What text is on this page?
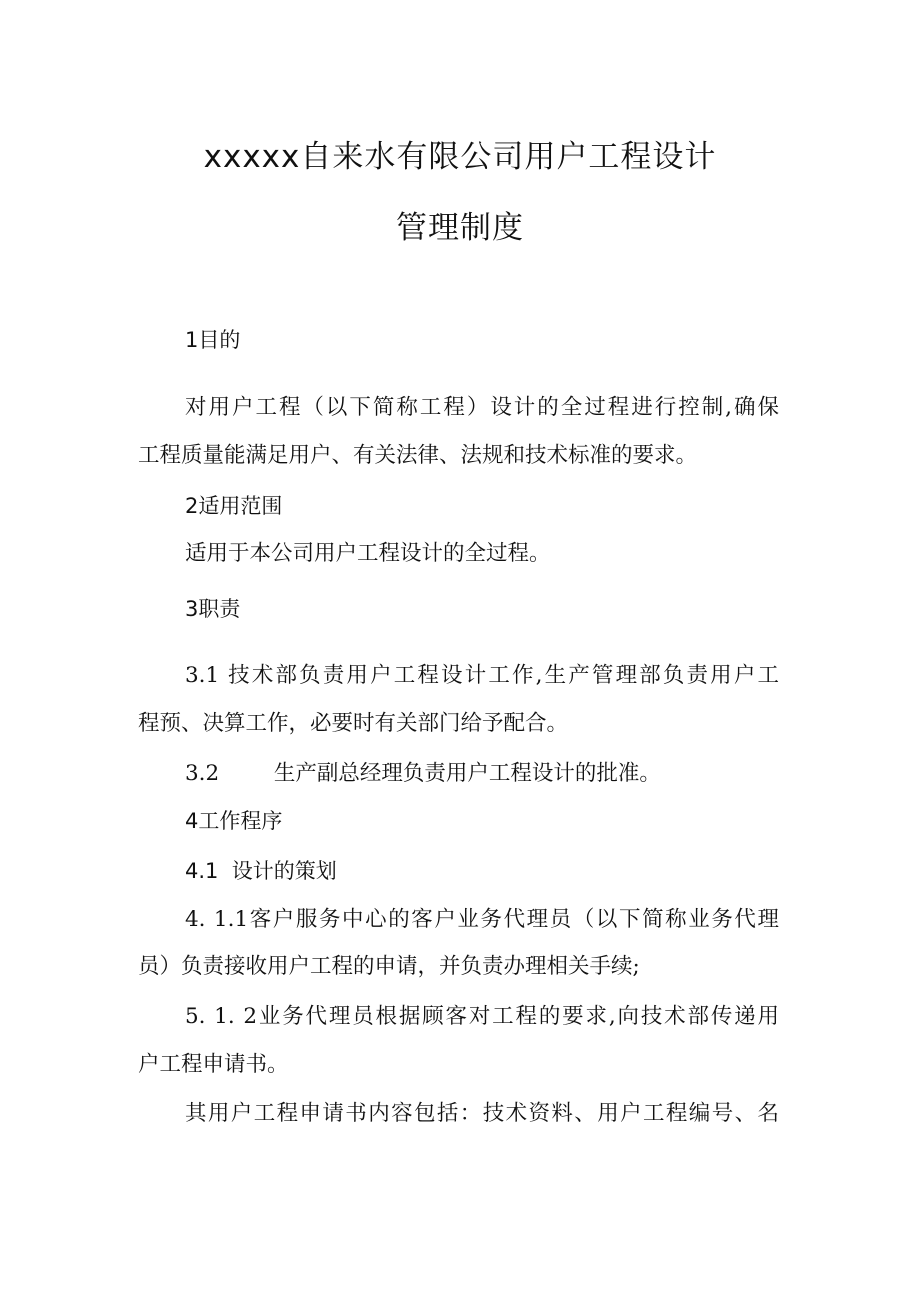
xxxxx自来水有限公司用户工程设计
管理制度
1目的
对用户工程（以下简称工程）设计的全过程进行控制,确保
工程质量能满足用户、有关法律、法规和技术标准的要求。
2适用范围
适用于本公司用户工程设计的全过程。
3职责
3.1 技术部负责用户工程设计工作,生产管理部负责用户工
程预、决算工作，必要时有关部门给予配合。
3.2        生产副总经理负责用户工程设计的批准。
4工作程序
4.1  设计的策划
4. 1.1客户服务中心的客户业务代理员（以下简称业务代理
员）负责接收用户工程的申请，并负责办理相关手续;
5. 1. 2业务代理员根据顾客对工程的要求,向技术部传递用
户工程申请书。
其用户工程申请书内容包括：技术资料、用户工程编号、名
